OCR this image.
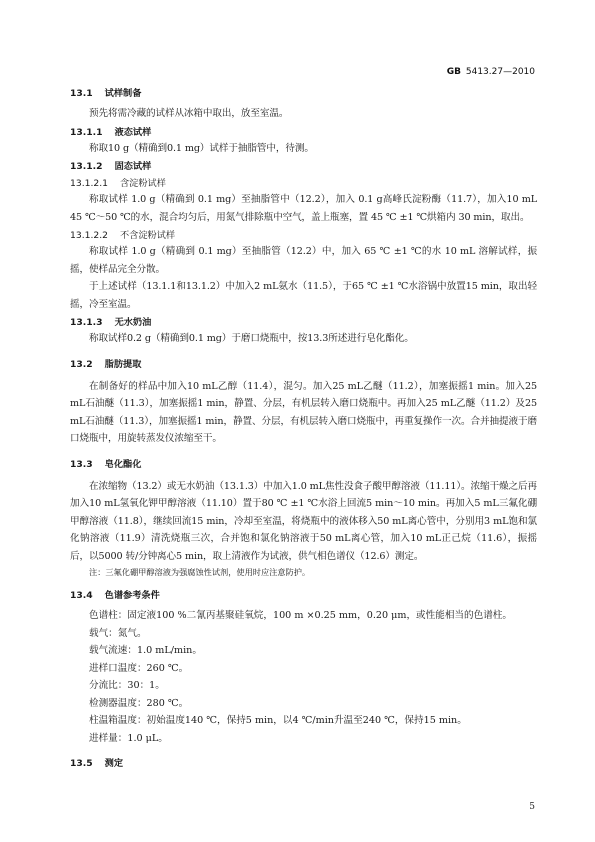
GB 5413.27—2010
13.1 试样制备

预先将需冷藏的试样从冰箱中取出，放至室温。

13.1.1 液态试样

称取10 g（精确到0.1 mg）试样于抽脂管中，待测。

13.1.2 固态试样
13.1.2.1 含淀粉试样

称取试样 1.0 g（精确到 0.1 mg）至抽脂管中（12.2），加入 0.1 g高峰氏淀粉酶（11.7），加入10 mL 45 ℃～50 ℃的水，混合均匀后，用氮气排除瓶中空气，盖上瓶塞，置 45 ℃ ±1 ℃烘箱内 30 min，取出。

13.1.2.2 不含淀粉试样

称取试样 1.0 g（精确到 0.1 mg）至抽脂管（12.2）中，加入 65 ℃ ±1 ℃的水 10 mL 溶解试样，振摇，使样品完全分散。

于上述试样（13.1.1和13.1.2）中加入2 mL氨水（11.5），于65 ℃ ±1 ℃水浴锅中放置15 min，取出轻摇，冷至室温。

13.1.3 无水奶油

称取试样0.2 g（精确到0.1 mg）于磨口烧瓶中，按13.3所述进行皂化酯化。

13.2 脂肪提取

在制备好的样品中加入10 mL乙醇（11.4），混匀。加入25 mL乙醚（11.2），加塞振摇1 min。加入25 mL石油醚（11.3），加塞振摇1 min，静置、分层，有机层转入磨口烧瓶中。再加入25 mL乙醚（11.2）及25 mL石油醚（11.3），加塞振摇1 min，静置、分层，有机层转入磨口烧瓶中，再重复操作一次。合并抽提液于磨口烧瓶中，用旋转蒸发仪浓缩至干。

13.3 皂化酯化

在浓缩物（13.2）或无水奶油（13.1.3）中加入1.0 mL焦性没食子酸甲醇溶液（11.11）。浓缩干燥之后再加入10 mL氢氧化钾甲醇溶液（11.10）置于80 ℃ ±1 ℃水浴上回流5 min～10 min。再加入5 mL三氟化硼甲醇溶液（11.8），继续回流15 min，冷却至室温，将烧瓶中的液体移入50 mL离心管中，分别用3 mL饱和氯化钠溶液（11.9）清洗烧瓶三次，合并饱和氯化钠溶液于50 mL离心管，加入10 mL正己烷（11.6），振摇后，以5000 转/分钟离心5 min，取上清液作为试液，供气相色谱仪（12.6）测定。

注：三氟化硼甲醇溶液为强腐蚀性试剂，使用时应注意防护。

13.4 色谱参考条件
色谱柱：固定液100 %二氰丙基聚硅氧烷，100 m ×0.25 mm，0.20 μm，或性能相当的色谱柱。
载气：氮气。
载气流速：1.0 mL/min。
进样口温度：260 ℃。
分流比：30：1。
检测器温度：280 ℃。
柱温箱温度：初始温度140 ℃，保持5 min，以4 ℃/min升温至240 ℃，保持15 min。
进样量：1.0 μL。
13.5 测定
5
